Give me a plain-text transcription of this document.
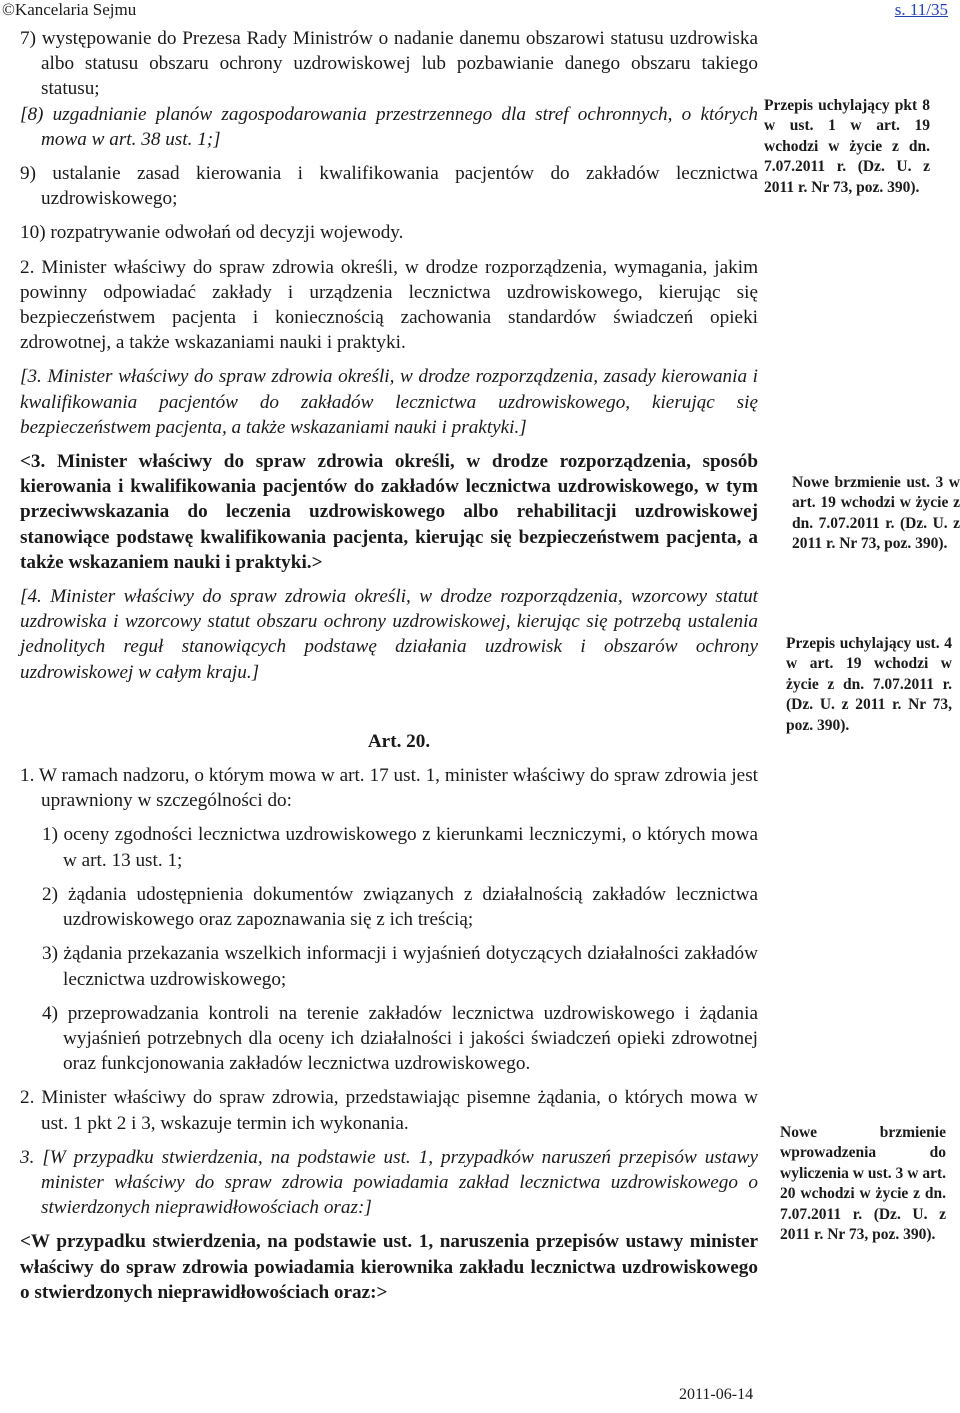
©Kancelaria Sejmu	s. 11/35

7) występowanie do Prezesa Rady Ministrów o nadanie danemu obszarowi statusu uzdrowiska albo statusu obszaru ochrony uzdrowiskowej lub pozbawianie danego obszaru takiego statusu;

[8) uzgadnianie planów zagospodarowania przestrzennego dla stref ochronnych, o których mowa w art. 38 ust. 1;]

9) ustalanie zasad kierowania i kwalifikowania pacjentów do zakładów lecznictwa uzdrowiskowego;

10) rozpatrywanie odwołań od decyzji wojewody.

2. Minister właściwy do spraw zdrowia określi, w drodze rozporządzenia, wymagania, jakim powinny odpowiadać zakłady i urządzenia lecznictwa uzdrowiskowego, kierując się bezpieczeństwem pacjenta i koniecznością zachowania standardów świadczeń opieki zdrowotnej, a także wskazaniami nauki i praktyki.

[3. Minister właściwy do spraw zdrowia określi, w drodze rozporządzenia, zasady kierowania i kwalifikowania pacjentów do zakładów lecznictwa uzdrowiskowego, kierując się bezpieczeństwem pacjenta, a także wskazaniami nauki i praktyki.]

<3. Minister właściwy do spraw zdrowia określi, w drodze rozporządzenia, sposób kierowania i kwalifikowania pacjentów do zakładów lecznictwa uzdrowiskowego, w tym przeciwwskazania do leczenia uzdrowiskowego albo rehabilitacji uzdrowiskowej stanowiące podstawę kwalifikowania pacjenta, kierując się bezpieczeństwem pacjenta, a także wskazaniem nauki i praktyki.>

[4. Minister właściwy do spraw zdrowia określi, w drodze rozporządzenia, wzorcowy statut uzdrowiska i wzorcowy statut obszaru ochrony uzdrowiskowej, kierując się potrzebą ustalenia jednolitych reguł stanowiących podstawę działania uzdrowisk i obszarów ochrony uzdrowiskowej w całym kraju.]

Art. 20.

1. W ramach nadzoru, o którym mowa w art. 17 ust. 1, minister właściwy do spraw zdrowia jest uprawniony w szczególności do:

1) oceny zgodności lecznictwa uzdrowiskowego z kierunkami leczniczymi, o których mowa w art. 13 ust. 1;

2) żądania udostępnienia dokumentów związanych z działalnością zakładów lecznictwa uzdrowiskowego oraz zapoznawania się z ich treścią;

3) żądania przekazania wszelkich informacji i wyjaśnień dotyczących działalności zakładów lecznictwa uzdrowiskowego;

4) przeprowadzania kontroli na terenie zakładów lecznictwa uzdrowiskowego i żądania wyjaśnień potrzebnych dla oceny ich działalności i jakości świadczeń opieki zdrowotnej oraz funkcjonowania zakładów lecznictwa uzdrowiskowego.

2. Minister właściwy do spraw zdrowia, przedstawiając pisemne żądania, o których mowa w ust. 1 pkt 2 i 3, wskazuje termin ich wykonania.

3. [W przypadku stwierdzenia, na podstawie ust. 1, przypadków naruszeń przepisów ustawy minister właściwy do spraw zdrowia powiadamia zakład lecznictwa uzdrowiskowego o stwierdzonych nieprawidłowościach oraz:]

<W przypadku stwierdzenia, na podstawie ust. 1, naruszenia przepisów ustawy minister właściwy do spraw zdrowia powiadamia kierownika zakładu lecznictwa uzdrowiskowego o stwierdzonych nieprawidłowościach oraz:>

Przepis uchylający pkt 8 w ust. 1 w art. 19 wchodzi w życie z dn. 7.07.2011 r. (Dz. U. z 2011 r. Nr 73, poz. 390).
Nowe brzmienie ust. 3 w art. 19 wchodzi w życie z dn. 7.07.2011 r. (Dz. U. z 2011 r. Nr 73, poz. 390).
Przepis uchylający ust. 4 w art. 19 wchodzi w życie z dn. 7.07.2011 r. (Dz. U. z 2011 r. Nr 73, poz. 390).
Nowe brzmienie wprowadzenia do wyliczenia w ust. 3 w art. 20 wchodzi w życie z dn. 7.07.2011 r. (Dz. U. z 2011 r. Nr 73, poz. 390).
2011-06-14
